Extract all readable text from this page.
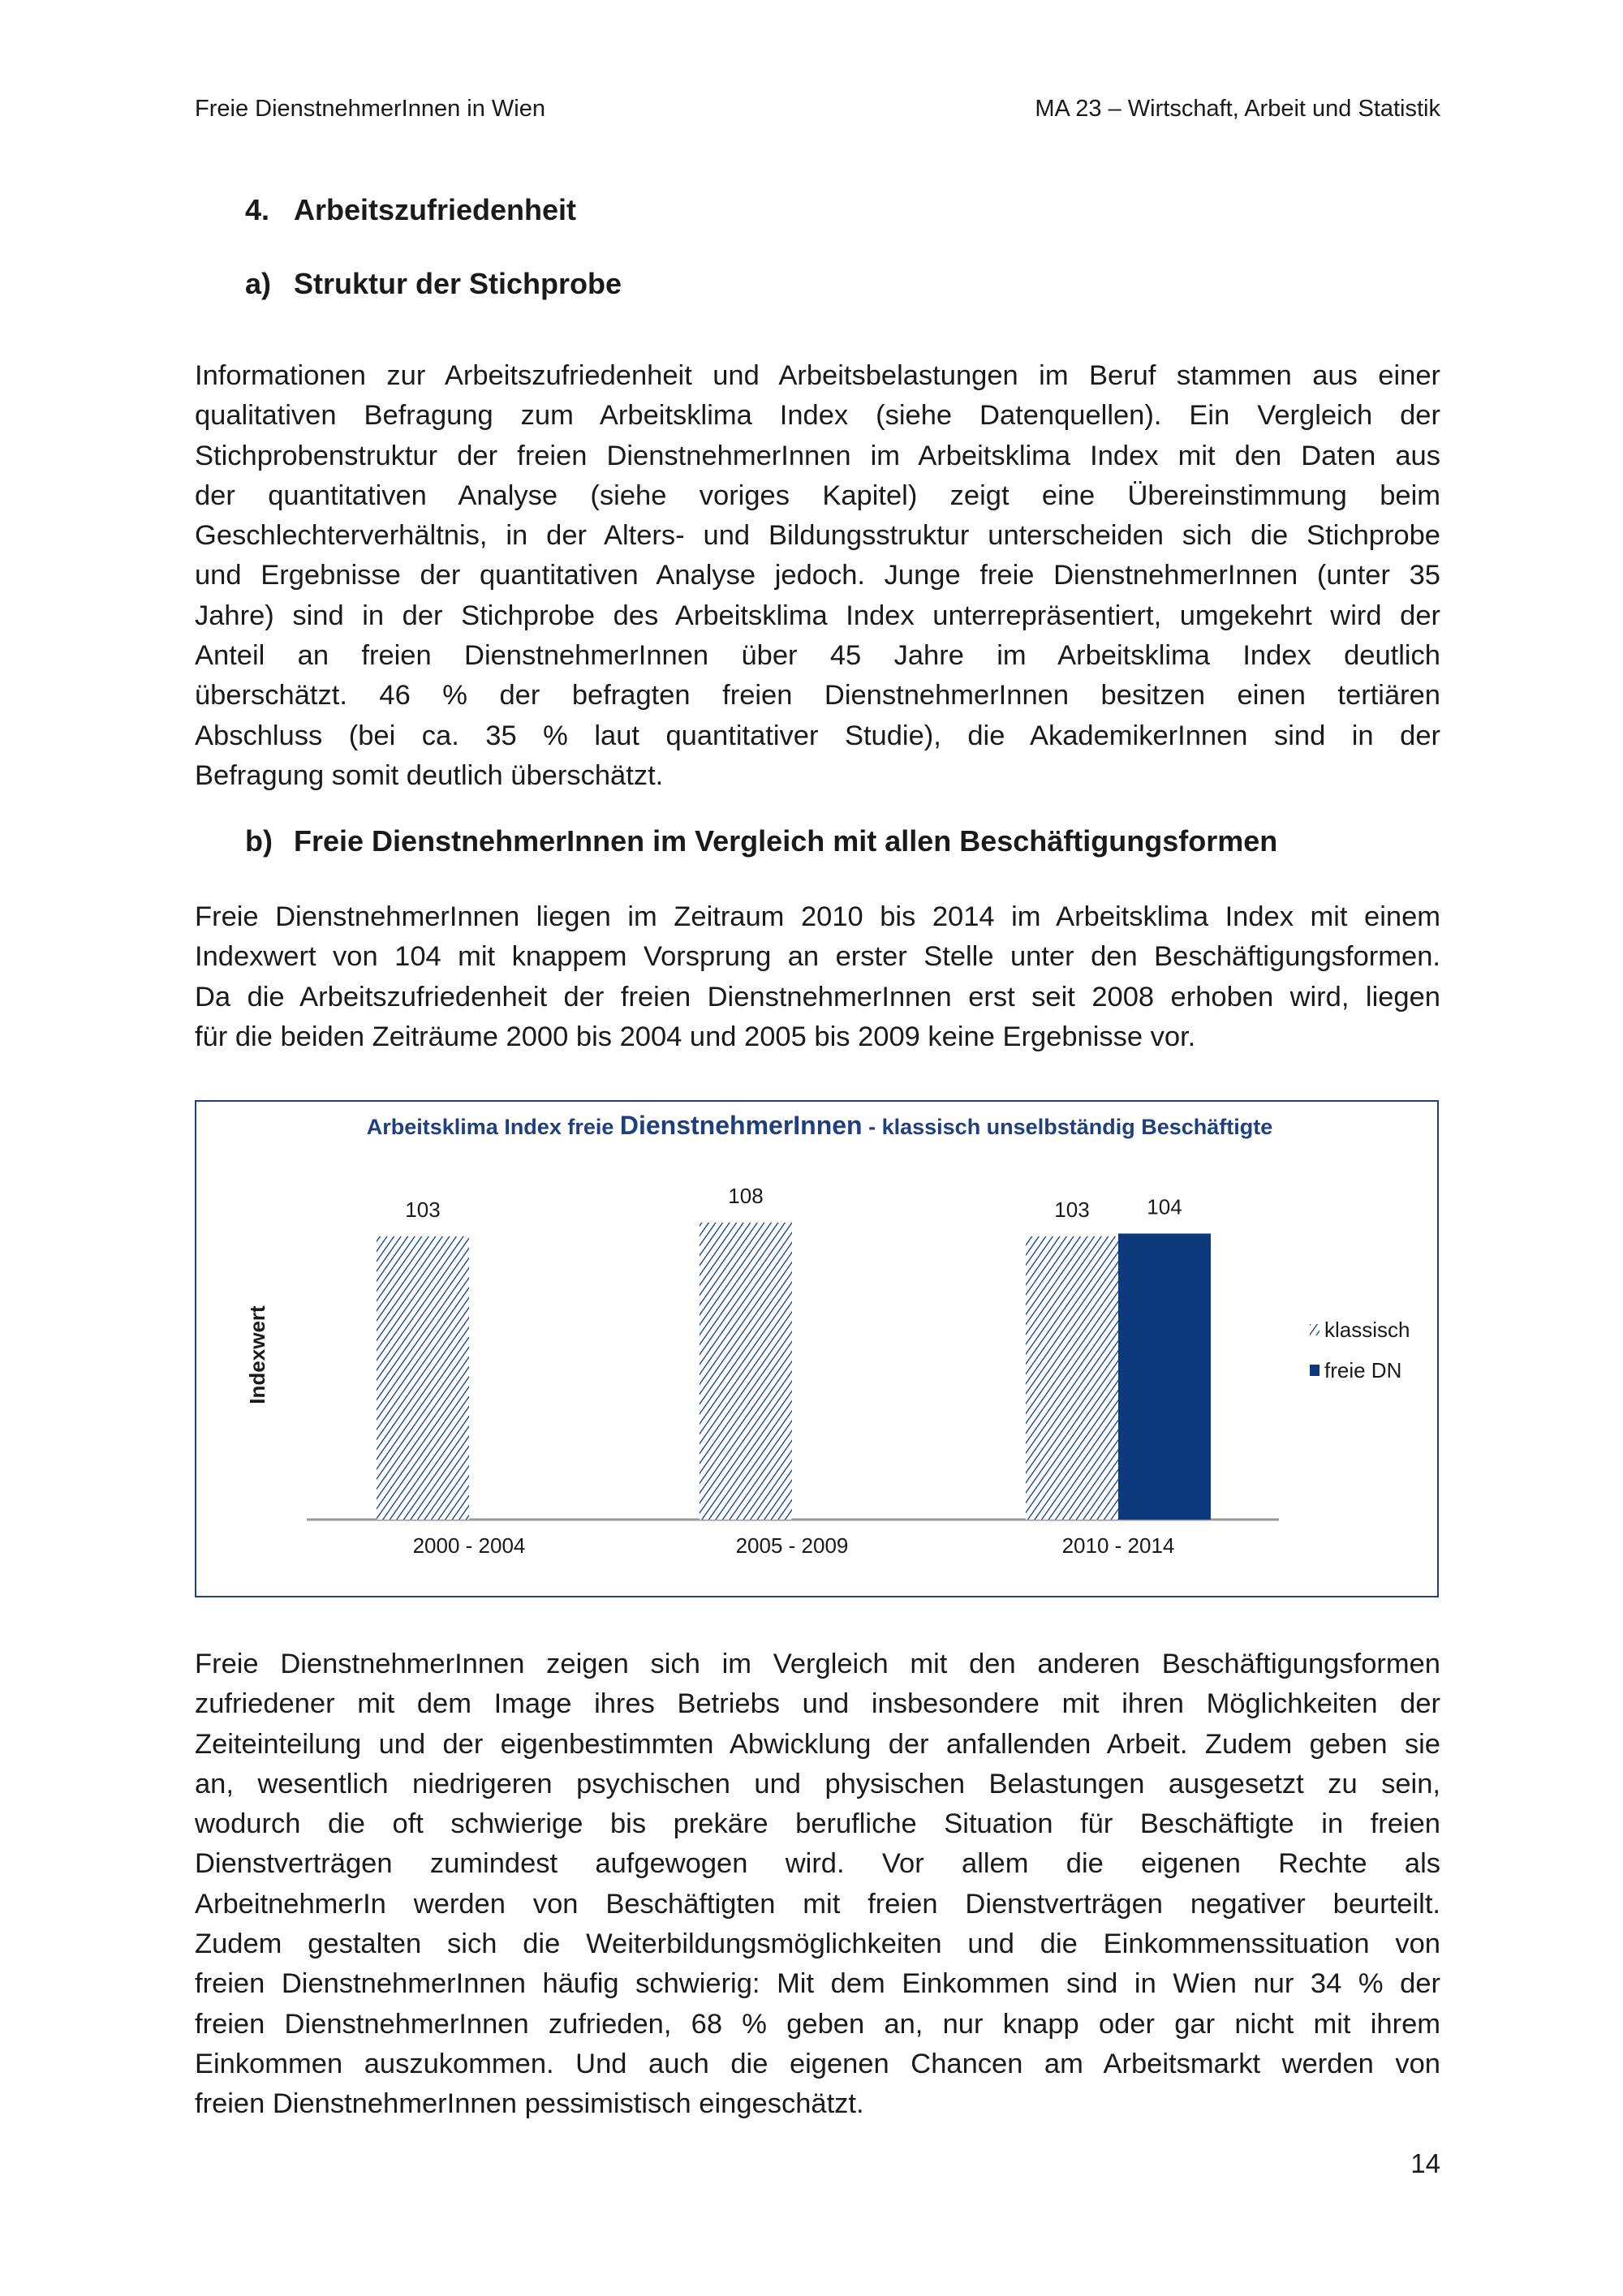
Freie DienstnehmerInnen in Wien	MA 23 – Wirtschaft, Arbeit und Statistik
4. Arbeitszufriedenheit
a) Struktur der Stichprobe
Informationen zur Arbeitszufriedenheit und Arbeitsbelastungen im Beruf stammen aus einer
qualitativen Befragung zum Arbeitsklima Index (siehe Datenquellen). Ein Vergleich der
Stichprobenstruktur der freien DienstnehmerInnen im Arbeitsklima Index mit den Daten aus
der quantitativen Analyse (siehe voriges Kapitel) zeigt eine Übereinstimmung beim
Geschlechterverhältnis, in der Alters- und Bildungsstruktur unterscheiden sich die Stichprobe
und Ergebnisse der quantitativen Analyse jedoch. Junge freie DienstnehmerInnen (unter 35
Jahre) sind in der Stichprobe des Arbeitsklima Index unterrepräsentiert, umgekehrt wird der
Anteil an freien DienstnehmerInnen über 45 Jahre im Arbeitsklima Index deutlich
überschätzt. 46 % der befragten freien DienstnehmerInnen besitzen einen tertiären
Abschluss (bei ca. 35 % laut quantitativer Studie), die AkademikerInnen sind in der
Befragung somit deutlich überschätzt.
b) Freie DienstnehmerInnen im Vergleich mit allen Beschäftigungsformen
Freie DienstnehmerInnen liegen im Zeitraum 2010 bis 2014 im Arbeitsklima Index mit einem
Indexwert von 104 mit knappem Vorsprung an erster Stelle unter den Beschäftigungsformen.
Da die Arbeitszufriedenheit der freien DienstnehmerInnen erst seit 2008 erhoben wird, liegen
für die beiden Zeiträume 2000 bis 2004 und 2005 bis 2009 keine Ergebnisse vor.
Arbeitsklima Index freie DienstnehmerInnen - klassisch unselbständig Beschäftigte
Indexwert
103
2000 - 2004
108
2005 - 2009
103	104
2010 - 2014
klassisch
freie DN
Freie DienstnehmerInnen zeigen sich im Vergleich mit den anderen Beschäftigungsformen
zufriedener mit dem Image ihres Betriebs und insbesondere mit ihren Möglichkeiten der
Zeiteinteilung und der eigenbestimmten Abwicklung der anfallenden Arbeit. Zudem geben sie
an, wesentlich niedrigeren psychischen und physischen Belastungen ausgesetzt zu sein,
wodurch die oft schwierige bis prekäre berufliche Situation für Beschäftigte in freien
Dienstverträgen zumindest aufgewogen wird. Vor allem die eigenen Rechte als
ArbeitnehmerIn werden von Beschäftigten mit freien Dienstverträgen negativer beurteilt.
Zudem gestalten sich die Weiterbildungsmöglichkeiten und die Einkommenssituation von
freien DienstnehmerInnen häufig schwierig: Mit dem Einkommen sind in Wien nur 34 % der
freien DienstnehmerInnen zufrieden, 68 % geben an, nur knapp oder gar nicht mit ihrem
Einkommen auszukommen. Und auch die eigenen Chancen am Arbeitsmarkt werden von
freien DienstnehmerInnen pessimistisch eingeschätzt.
14
